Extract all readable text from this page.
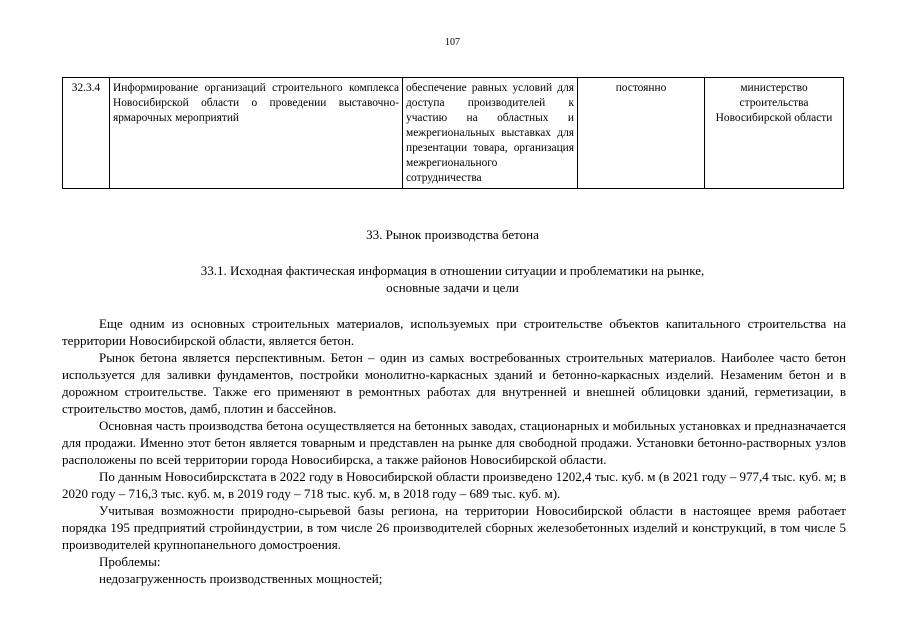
107
32.3.4	Информирование организаций строительного комплекса Новосибирской области о проведении выставочно-ярмарочных мероприятий	обеспечение равных условий для доступа производителей к участию на областных и межрегиональных выставках для презентации товара, организация межрегионального сотрудничества	постоянно	министерство строительства Новосибирской области
33. Рынок производства бетона
33.1. Исходная фактическая информация в отношении ситуации и проблематики на рынке,
основные задачи и цели

Еще одним из основных строительных материалов, используемых при строительстве объектов капитального строительства на территории Новосибирской области, является бетон.

Рынок бетона является перспективным. Бетон – один из самых востребованных строительных материалов. Наиболее часто бетон используется для заливки фундаментов, постройки монолитно-каркасных зданий и бетонно-каркасных изделий. Незаменим бетон и в дорожном строительстве. Также его применяют в ремонтных работах для внутренней и внешней облицовки зданий, герметизации, в строительство мостов, дамб, плотин и бассейнов.

Основная часть производства бетона осуществляется на бетонных заводах, стационарных и мобильных установках и предназначается для продажи. Именно этот бетон является товарным и представлен на рынке для свободной продажи. Установки бетонно-растворных узлов расположены по всей территории города Новосибирска, а также районов Новосибирской области.

По данным Новосибирскстата в 2022 году в Новосибирской области произведено 1202,4 тыс. куб. м (в 2021 году – 977,4 тыс. куб. м; в 2020 году – 716,3 тыс. куб. м, в 2019 году – 718 тыс. куб. м, в 2018 году – 689 тыс. куб. м).

Учитывая возможности природно-сырьевой базы региона, на территории Новосибирской области в настоящее время работает порядка 195 предприятий стройиндустрии, в том числе 26 производителей сборных железобетонных изделий и конструкций, в том числе 5 производителей крупнопанельного домостроения.

Проблемы:

недозагруженность производственных мощностей;
